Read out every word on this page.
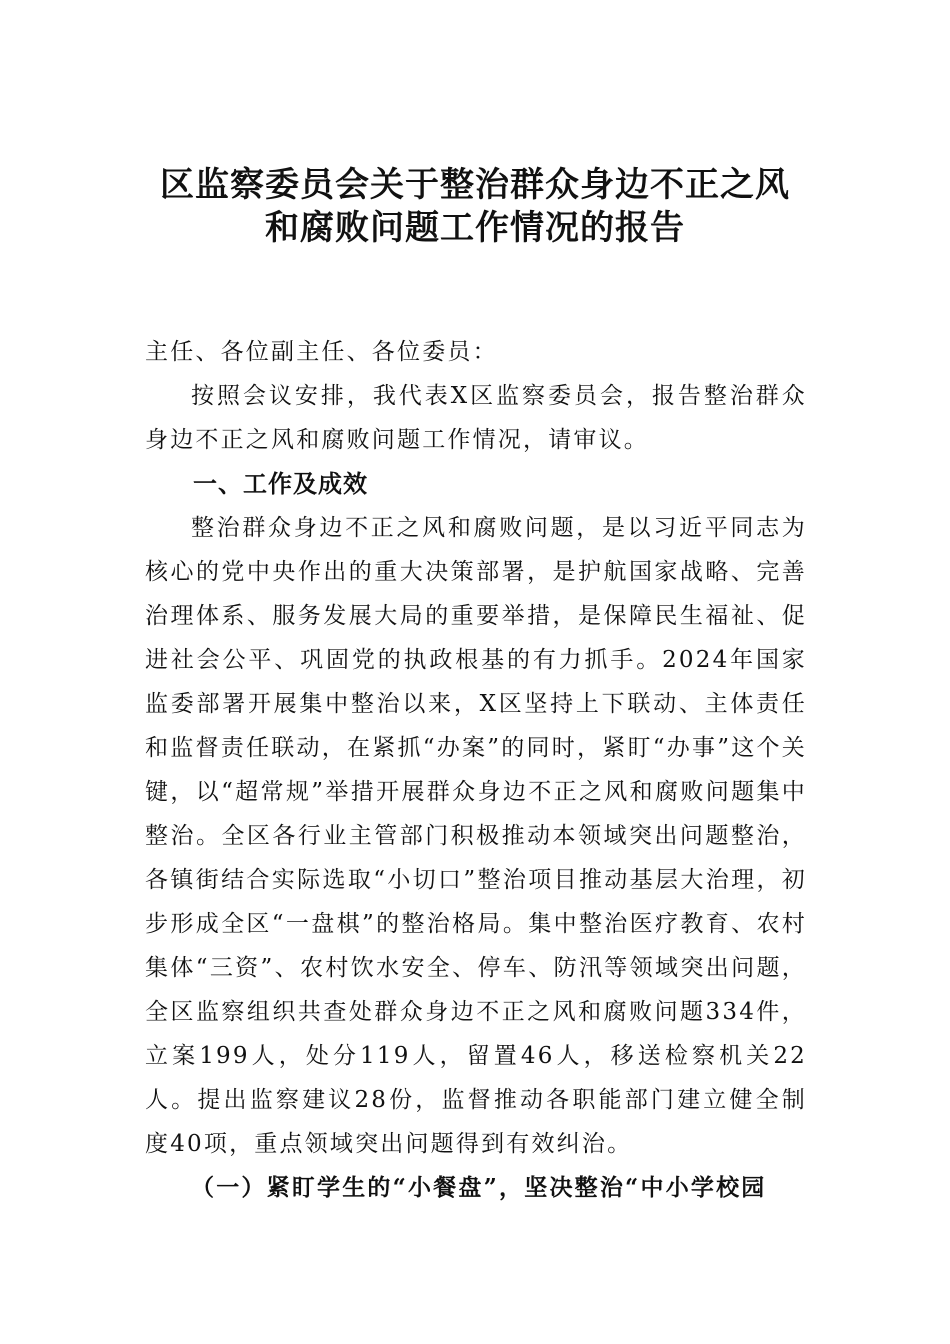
区监察委员会关于整治群众身边不正之风
和腐败问题工作情况的报告

主任、各位副主任、各位委员：

按照会议安排，我代表X区监察委员会，报告整治群众身边不正之风和腐败问题工作情况，请审议。

一、工作及成效

整治群众身边不正之风和腐败问题，是以习近平同志为核心的党中央作出的重大决策部署，是护航国家战略、完善治理体系、服务发展大局的重要举措，是保障民生福祉、促进社会公平、巩固党的执政根基的有力抓手。2024年国家监委部署开展集中整治以来，X区坚持上下联动、主体责任和监督责任联动，在紧抓“办案”的同时，紧盯“办事”这个关键，以“超常规”举措开展群众身边不正之风和腐败问题集中整治。全区各行业主管部门积极推动本领域突出问题整治，各镇街结合实际选取“小切口”整治项目推动基层大治理，初步形成全区“一盘棋”的整治格局。集中整治医疗教育、农村集体“三资”、农村饮水安全、停车、防汛等领域突出问题，全区监察组织共查处群众身边不正之风和腐败问题334件，立案199人，处分119人，留置46人，移送检察机关22人。提出监察建议28份，监督推动各职能部门建立健全制度40项，重点领域突出问题得到有效纠治。

（一）紧盯学生的“小餐盘”，坚决整治“中小学校园
